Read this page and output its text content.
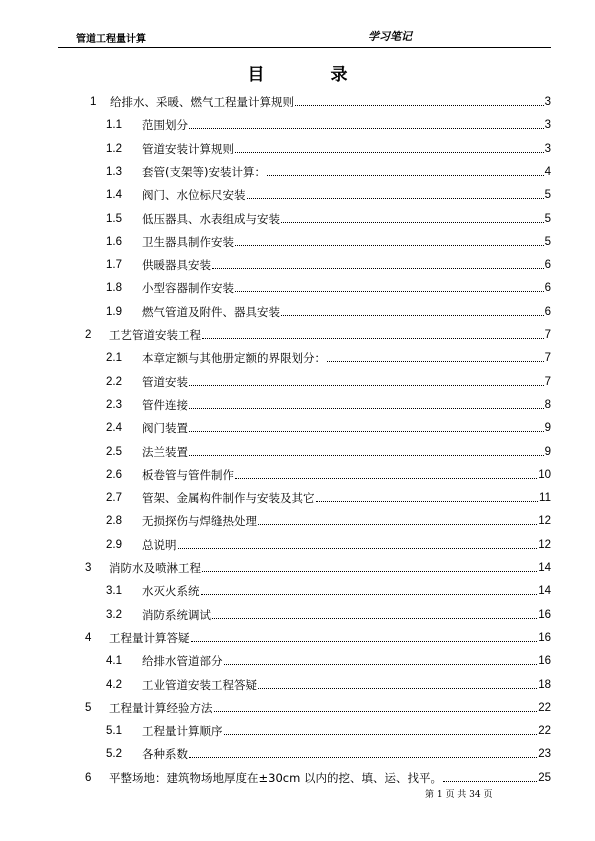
管道工程量计算	学习笔记
目 录
1	给排水、采暖、燃气工程量计算规则	3
1.1	范围划分	3
1.2	管道安装计算规则	3
1.3	套管(支架等)安装计算：	4
1.4	阀门、水位标尺安装	5
1.5	低压器具、水表组成与安装	5
1.6	卫生器具制作安装	5
1.7	供暖器具安装	6
1.8	小型容器制作安装	6
1.9	燃气管道及附件、器具安装	6
2	工艺管道安装工程	7
2.1	本章定额与其他册定额的界限划分：	7
2.2	管道安装	7
2.3	管件连接	8
2.4	阀门装置	9
2.5	法兰装置	9
2.6	板卷管与管件制作	10
2.7	管架、金属构件制作与安装及其它	11
2.8	无损探伤与焊缝热处理	12
2.9	总说明	12
3	消防水及喷淋工程	14
3.1	水灭火系统	14
3.2	消防系统调试	16
4	工程量计算答疑	16
4.1	给排水管道部分	16
4.2	工业管道安装工程答疑	18
5	工程量计算经验方法	22
5.1	工程量计算顺序	22
5.2	各种系数	23
6	平整场地：建筑物场地厚度在±30cm 以内的挖、填、运、找平。	25
第 1 页 共 34 页
